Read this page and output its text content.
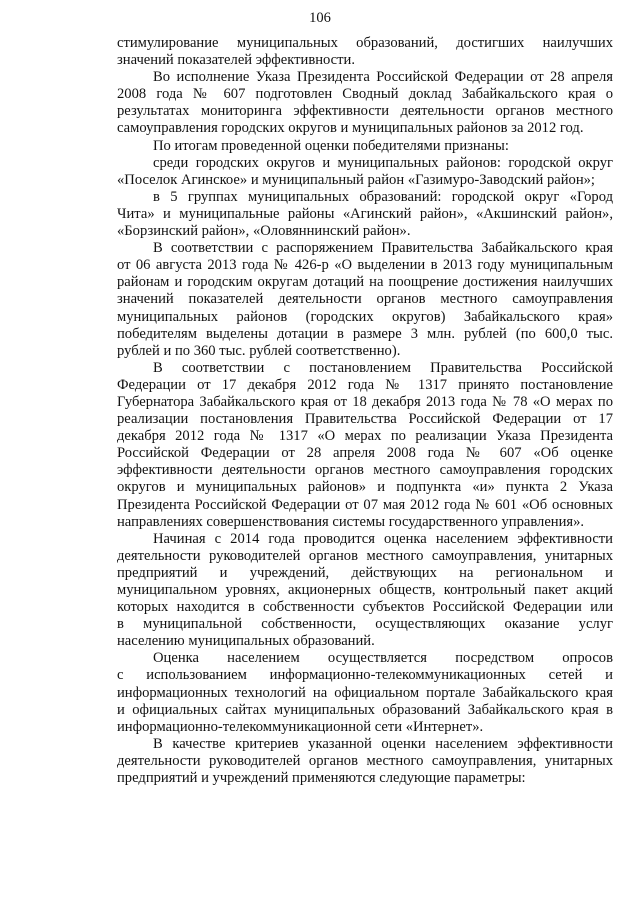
106
стимулирование муниципальных образований, достигших наилучших
значений показателей эффективности.
Во исполнение Указа Президента Российской Федерации от 28 апреля
2008 года № 607 подготовлен Сводный доклад Забайкальского края о
результатах мониторинга эффективности деятельности органов местного
самоуправления городских округов и муниципальных районов за 2012 год.
По итогам проведенной оценки победителями признаны:
среди городских округов и муниципальных районов: городской округ
«Поселок Агинское» и муниципальный район «Газимуро-Заводский район»;
в 5 группах муниципальных образований: городской округ «Город
Чита» и муниципальные районы «Агинский район», «Акшинский район»,
«Борзинский район», «Оловяннинский район».
В соответствии с распоряжением Правительства Забайкальского края
от 06 августа 2013 года № 426-р «О выделении в 2013 году муниципальным
районам и городским округам дотаций на поощрение достижения наилучших
значений показателей деятельности органов местного самоуправления
муниципальных районов (городских округов) Забайкальского края»
победителям выделены дотации в размере 3 млн. рублей (по 600,0 тыс.
рублей и по 360 тыс. рублей соответственно).
В соответствии с постановлением Правительства Российской
Федерации от 17 декабря 2012 года № 1317 принято постановление
Губернатора Забайкальского края от 18 декабря 2013 года № 78 «О мерах по
реализации постановления Правительства Российской Федерации от 17
декабря 2012 года № 1317 «О мерах по реализации Указа Президента
Российской Федерации от 28 апреля 2008 года № 607 «Об оценке
эффективности деятельности органов местного самоуправления городских
округов и муниципальных районов» и подпункта «и» пункта 2 Указа
Президента Российской Федерации от 07 мая 2012 года № 601 «Об основных
направлениях совершенствования системы государственного управления».
Начиная с 2014 года проводится оценка населением эффективности
деятельности руководителей органов местного самоуправления, унитарных
предприятий и учреждений, действующих на региональном и
муниципальном уровнях, акционерных обществ, контрольный пакет акций
которых находится в собственности субъектов Российской Федерации или
в муниципальной собственности, осуществляющих оказание услуг
населению муниципальных образований.
Оценка населением осуществляется посредством опросов
с использованием информационно-телекоммуникационных сетей и
информационных технологий на официальном портале Забайкальского края
и официальных сайтах муниципальных образований Забайкальского края в
информационно-телекоммуникационной сети «Интернет».
В качестве критериев указанной оценки населением эффективности
деятельности руководителей органов местного самоуправления, унитарных
предприятий и учреждений применяются следующие параметры:
